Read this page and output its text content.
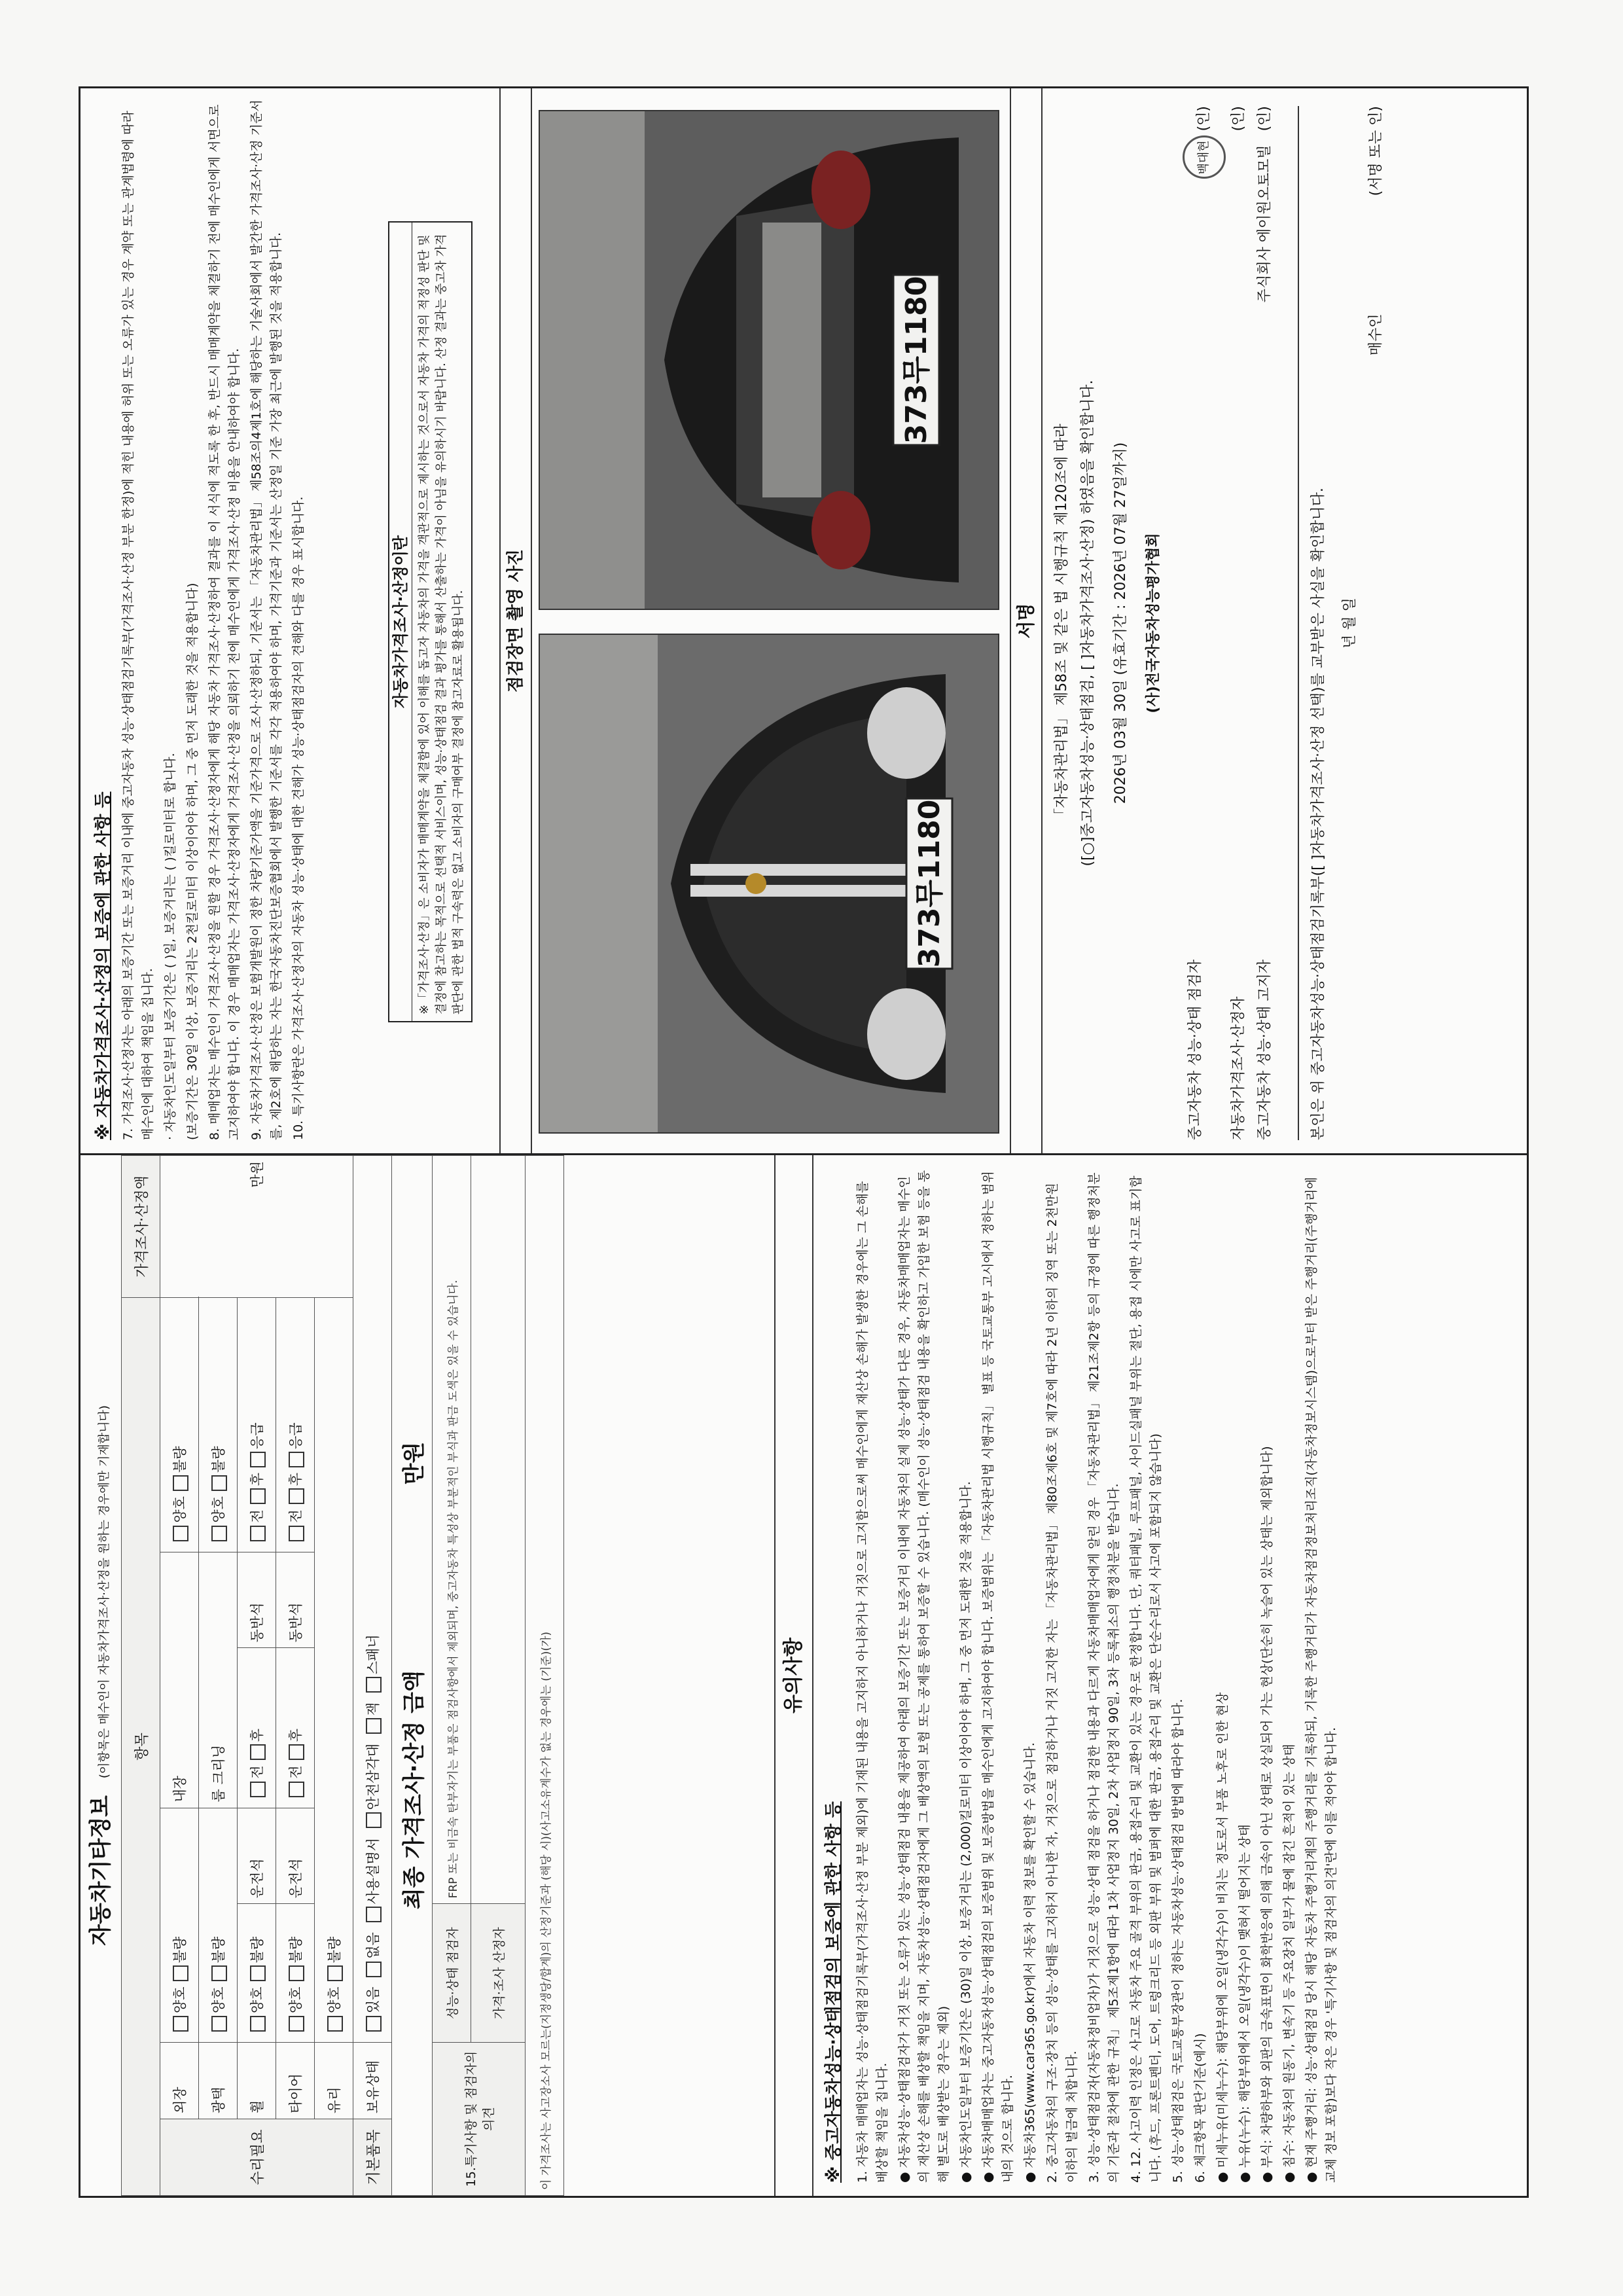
자동차기타정보 (이항목은 매수인이 자동차가격조사·산정을 원하는 경우에만 기재합니다)	항목							가격조사·산정액
수리필요	외장	양호불량		내장		양호불량	만원
	광택	양호불량		룸 크리닝		양호불량	
	휠	양호불량	운전석	전후	동반석	전후응급	
	타이어	양호불량	운전석	전후	동반석	전후응급	
	유리	양호불량					
기본품목	보유상태	있음 없음 사용설명서 안전삼각대 잭 스패너					
최종 가격조사·산정 금액  만원							
15.특기사항 및 점검자의 의견		성능·상태 점검자	FRP 또는 비금속 탄부자기는 부품은 점검사항에서 제외되며, 중고자동차 특성상 부분적인 부식과 판금 도색은 있을 수 있습니다.				
		가격·조사 산정자					
이 가격조사는 사고장소사 모르는(지정생당/합계)의 산정기준과 (해당 시)(사고소유계수가 없는 경우에는 (기준)(가)								유의사항
※ 중고자동차성능·상태점검의 보증에 관한 사항 등 1. 자동차 매매업자는 성능·상태점검기록부(가격조사·산정 부분 제외)에 기재된 내용을 고지하지 아니하거나 거짓으로 고지함으로써 매수인에게 재산상 손해가 발생한 경우에는 그 손해를 배상할 책임을 집니다. ● 자동차성능·상태점검자가 거짓 또는 오류가 있는 성능·상태점검 내용을 제공하여 아래의 보증기간 또는 보증거리 이내에 자동차의 실제 성능·상태가 다른 경우, 자동차매매업자는 매수인의 재산상 손해를 배상할 책임을 지며, 자동차성능·상태점검자에게 그 배상액의 보험 또는 공제를 통하여 보증할 수 있습니다. (매수인이 성능·상태점검 내용을 확인하고 가입한 보험 등을 통해 별도로 배상받는 경우는 제외) ● 자동차인도일부터 보증기간은 (30)일 이상, 보증거리는 (2,000)킬로미터 이상이어야 하며, 그 중 먼저 도래한 것을 적용합니다. ● 자동차매매업자는 중고자동차성능·상태점검의 보증범위 및 보증방법을 매수인에게 고지하여야 합니다. 보증범위는 「자동차관리법 시행규칙」 별표 등 국토교통부 고시에서 정하는 범위 내의 것으로 합니다. ● 자동차365(www.car365.go.kr)에서 자동차 이력 정보를 확인할 수 있습니다. 2. 중고자동차의 구조·장치 등의 성능·상태를 고지하지 아니한 자, 거짓으로 점검하거나 거짓 고지한 자는 「자동차관리법」 제80조제6호 및 제7호에 따라 2년 이하의 징역 또는 2천만원 이하의 벌금에 처합니다. 3. 성능·상태점검자(자동차정비업자)가 거짓으로 성능·상태 점검을 하거나 점검한 내용과 다르게 자동차매매업자에게 알린 경우 「자동차관리법」 제21조제2항 등의 규정에 따른 행정처분의 기준과 절차에 관한 규칙」 제5조제1항에 따라 1차 사업정지 30일, 2차 사업정지 90일, 3차 등록취소의 행정처분을 받습니다. 4. 12. 사고이력 인정은 사고로 자동차 주요 골격 부위의 판금, 용접수리 및 교환이 있는 경우로 한정합니다. 단, 쿼터패널, 루프패널, 사이드실패널 부위는 절단, 용접 시에만 사고로 표기합니다. (후드, 프론트펜더, 도어, 트렁크리드 등 외판 부위 및 범퍼에 대한 판금, 용접수리 및 교환은 단순수리로서 사고에 포함되지 않습니다) 5. 성능·상태점검은 국토교통부장관이 정하는 자동차성능·상태점검 방법에 따라야 합니다. 6. 체크항목 판단기준(예시) ● 미세누유(미세누수): 해당부위에 오일(냉각수)이 비치는 정도로서 부품 노후로 인한 현상 ● 누유(누수): 해당부위에서 오일(냉각수)이 맺혀서 떨어지는 상태 ● 부식: 차량하부와 외판의 금속표면이 화학반응에 의해 금속이 아닌 상태로 상실되어 가는 현상(단순히 녹슬어 있는 상태는 제외합니다) ● 침수: 자동차의 원동기, 변속기 등 주요장치 일부가 물에 잠긴 흔적이 있는 상태 ● 현재 주행거리: 성능·상태점검 당시 해당 자동차 주행거리계의 주행거리를 기록하되, 기록한 주행거리가 자동차점검정보처리조직(자동차정보시스템)으로부터 받은 주행거리(주행거리에 교체 정보 포함)보다 작은 경우 '특기사항 및 점검자의 의견'란에 이를 적어야 합니다.

※ 자동차가격조사·산정의 보증에 관한 사항 등 7. 가격조사·산정자는 아래의 보증기간 또는 보증거리 이내에 중고자동차 성능·상태점검기록부(가격조사·산정 부분 한정)에 적힌 내용에 허위 또는 오류가 있는 경우 계약 또는 관계법령에 따라 매수인에 대하여 책임을 집니다. · 자동차인도일부터 보증기간은 ( )일, 보증거리는 ( )킬로미터로 합니다. (보증기간은 30일 이상, 보증거리는 2천킬로미터 이상이어야 하며, 그 중 먼저 도래한 것을 적용합니다) 8. 매매업자는 매수인이 가격조사·산정을 원할 경우 가격조사·산정자에게 해당 자동차 가격조사·산정하여 결과를 이 서식에 적도록 한 후, 반드시 매매계약을 체결하기 전에 매수인에게 서면으로 고지하여야 합니다. 이 경우 매매업자는 가격조사·산정자에게 가격조사·산정을 의뢰하기 전에 매수인에게 가격조사·산정 비용을 안내하여야 합니다. 9. 자동차가격조사·산정은 보험개발원이 정한 차량기준가액을 기준가격으로 조사·산정하되, 기준서는 「자동차관리법」 제58조의4제1호에 해당하는 기술사회에서 발간한 가격조사·산정 기준서를, 제2호에 해당하는 자는 한국자동차진단보증협회에서 발행한 기준서를 각각 적용하여야 하며, 가격기준과 기준서는 산정일 기준 가장 최근에 발행된 것을 적용합니다. 10. 특기사항란은 가격조사·산정자의 자동차 성능·상태에 대한 견해가 성능·상태점검자의 견해와 다를 경우 표시합니다.	자동차가격조사·산정이란 ※「가격조사·산정」은 소비자가 매매계약을 체결함에 있어 이해를 돕고자 자동차의 가격을 객관적으로 제시하는 것으로서 자동차 가격의 적정성 판단 및 결정에 참고하는 목적으로 선택적 서비스이며, 성능·상태점검 결과 평가를 통해서 산출하는 가격이 아님을 유의하시기 바랍니다. 산정 결과는 중고차 가격판단에 관한 법적 구속력은 없고 소비자의 구매여부 결정에 참고자료로 활용됩니다.	점검장면 촬영 사진
373무1180
373무1180
서명	「자동차관리법」 제58조 및 같은 법 시행규칙 제120조에 따라 ([○]중고자동차성능·상태점검, [ ]자동차가격조사·산정) 하였음을 확인합니다.	2026년 03월 30일 (유효기간 : 2026년 07월 27일까지)	(사)전국자동차성능평가협회
중고자동차 성능·상태 점검자
백대현 (인)
자동차가격조사·산정자
(인)
중고자동차 성능·상태 고지자
주식회사 에이원오토모빌   (인)
본인은 위 중고자동차성능·상태점검기록부([ ]자동차가격조사·산정 선택)를 교부받은 사실을 확인합니다.	년 월 일
매수인
(서명 또는 인)
